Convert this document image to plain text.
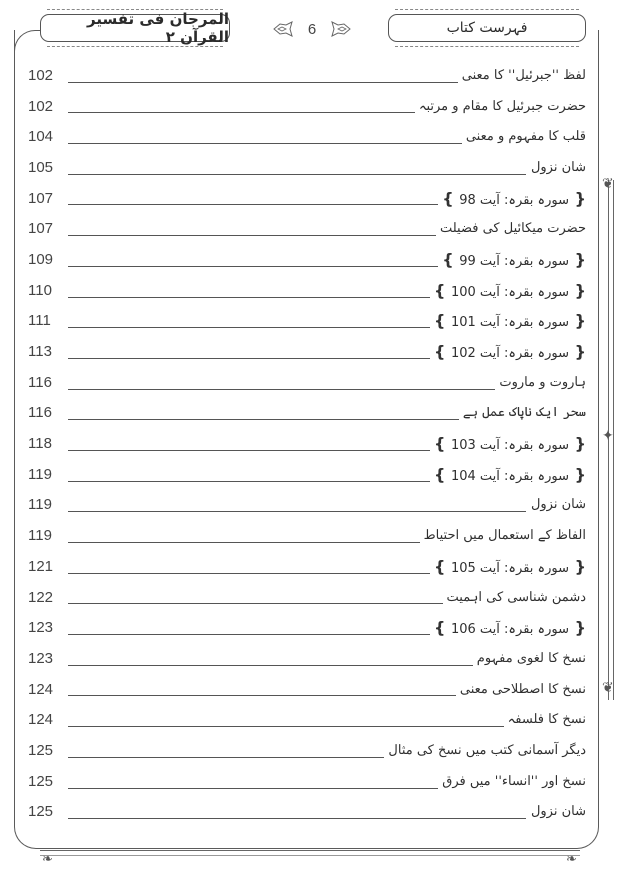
المرجان فی تفسیر القرآن ۲	6	فہرست کتاب
❦
✦
❦
102	لفظ ''جبرئیل'' کا معنی
102	حضرت جبرئیل کا مقام و مرتبہ
104	قلب کا مفہوم و معنی
105	شان نزول
107	{ سورہ بقرہ: آیت 98 }
107	حضرت میکائیل کی فضیلت
109	{ سورہ بقرہ: آیت 99 }
110	{ سورہ بقرہ: آیت 100 }
111	{ سورہ بقرہ: آیت 101 }
113	{ سورہ بقرہ: آیت 102 }
116	ہاروت و ماروت
116	سحر ایک ناپاک عمل ہے
118	{ سورہ بقرہ: آیت 103 }
119	{ سورہ بقرہ: آیت 104 }
119	شان نزول
119	الفاظ کے استعمال میں احتیاط
121	{ سورہ بقرہ: آیت 105 }
122	دشمن شناسی کی اہمیت
123	{ سورہ بقرہ: آیت 106 }
123	نسخ کا لغوی مفہوم
124	نسخ کا اصطلاحی معنی
124	نسخ کا فلسفہ
125	دیگر آسمانی کتب میں نسخ کی مثال
125	نسخ اور ''انساء'' میں فرق
125	شان نزول
❧	❧
